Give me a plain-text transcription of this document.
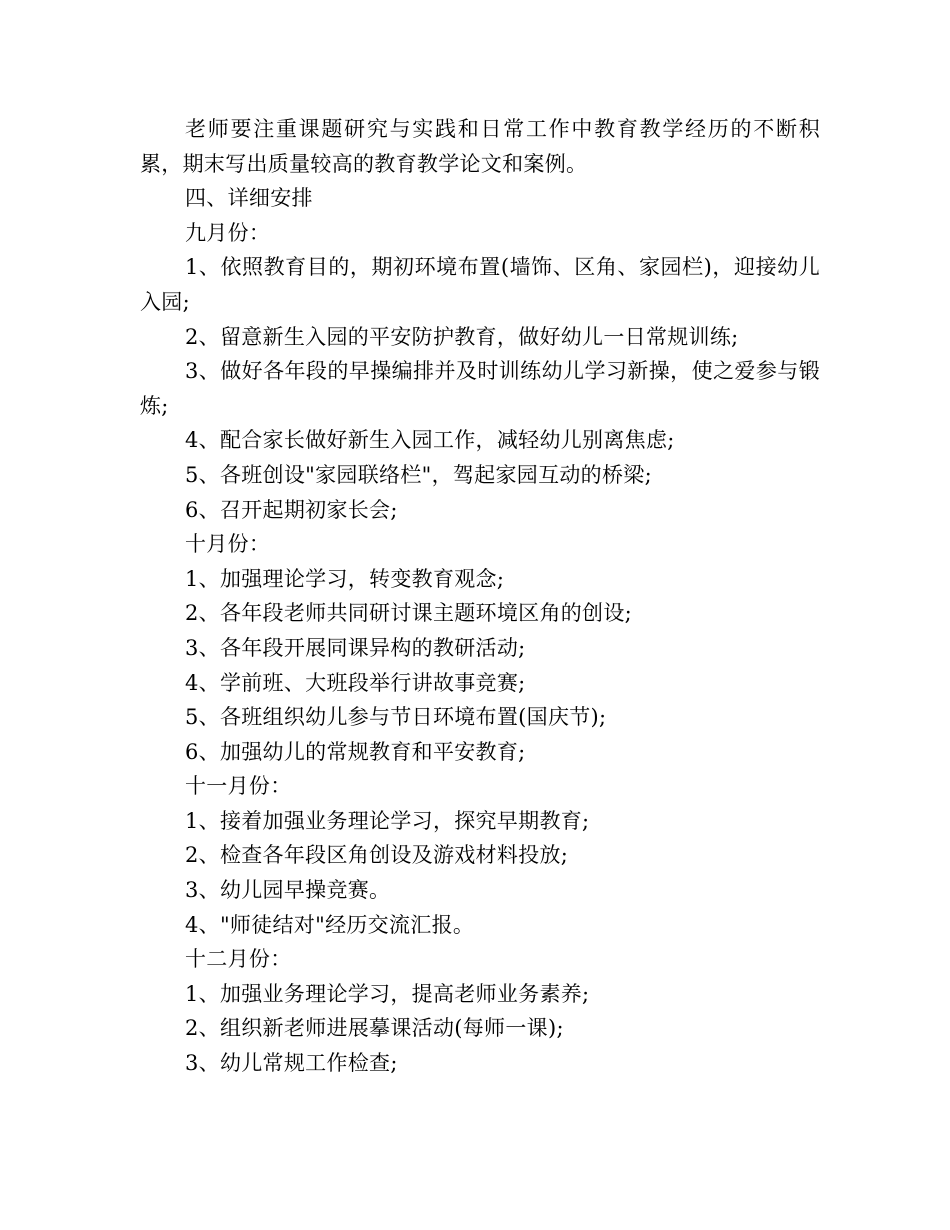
老师要注重课题研究与实践和日常工作中教育教学经历的不断积累，期末写出质量较高的教育教学论文和案例。

四、详细安排

九月份：

1、依照教育目的，期初环境布置(墙饰、区角、家园栏)，迎接幼儿入园;

2、留意新生入园的平安防护教育，做好幼儿一日常规训练;

3、做好各年段的早操编排并及时训练幼儿学习新操，使之爱参与锻炼;

4、配合家长做好新生入园工作，减轻幼儿别离焦虑;

5、各班创设"家园联络栏"，驾起家园互动的桥梁;

6、召开起期初家长会;

十月份：

1、加强理论学习，转变教育观念;

2、各年段老师共同研讨课主题环境区角的创设;

3、各年段开展同课异构的教研活动;

4、学前班、大班段举行讲故事竞赛;

5、各班组织幼儿参与节日环境布置(国庆节);

6、加强幼儿的常规教育和平安教育;

十一月份：

1、接着加强业务理论学习，探究早期教育;

2、检查各年段区角创设及游戏材料投放;

3、幼儿园早操竞赛。

4、"师徒结对"经历交流汇报。

十二月份：

1、加强业务理论学习，提高老师业务素养;

2、组织新老师进展摹课活动(每师一课);

3、幼儿常规工作检查;
